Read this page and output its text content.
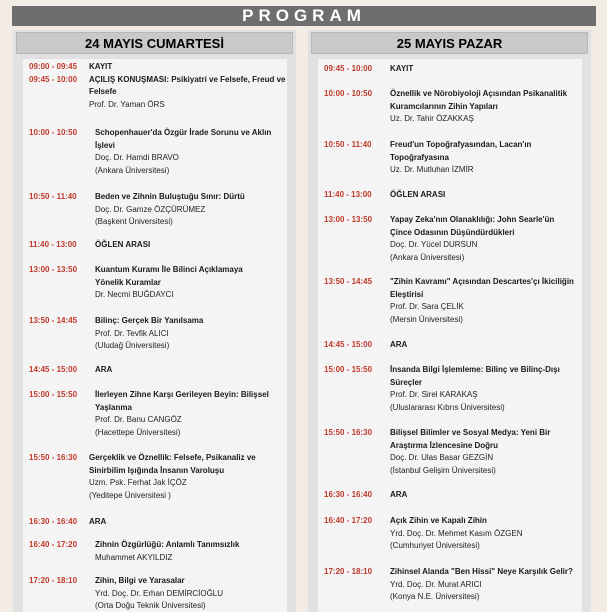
PROGRAM
24 MAYIS CUMARTESİ
09:00 - 09:45 KAYIT
09:45 - 10:00 AÇILIŞ KONUŞMASI: Psikiyatri ve Felsefe, Freud ve Felsefe
Prof. Dr. Yaman ÖRS
10:00 - 10:50 Schopenhauer'da Özgür İrade Sorunu ve Aklın İşlevi
Doç. Dr. Hamdi BRAVO
(Ankara Üniversitesi)
10:50 - 11:40 Beden ve Zihnin Buluştuğu Sınır: Dürtü
Doç. Dr. Gamze ÖZÇÜRÜMEZ
(Başkent Üniversitesi)
11:40 - 13:00 ÖĞLEN ARASI
13:00 - 13:50 Kuantum Kuramı İle Bilinci Açıklamaya Yönelik Kuramlar
Dr. Necmi BUĞDAYCI
13:50 - 14:45 Bilinç: Gerçek Bir Yanılsama
Prof. Dr. Tevfik ALICI
(Uludağ Üniversitesi)
14:45 - 15:00 ARA
15:00 - 15:50 İlerleyen Zihne Karşı Gerileyen Beyin: Bilişsel Yaşlanma
Prof. Dr. Banu CANGÖZ
(Hacettepe Üniversitesi)
15:50 - 16:30 Gerçeklik ve Öznellik: Felsefe, Psikanaliz ve Sinirbilim Işığında İnsanın Varoluşu
Uzm. Psk. Ferhat Jak İÇÖZ
(Yeditepe Üniversitesi )
16:30 - 16:40 ARA
16:40 - 17:20 Zihnin Özgürlüğü: Anlamlı Tanımsızlık
Muhammet AKYILDIZ
17:20 - 18:10 Zihin, Bilgi ve Yarasalar
Yrd. Doç. Dr. Erhan DEMİRCİOĞLU
(Orta Doğu Teknik Üniversitesi)
25 MAYIS PAZAR
09:45 - 10:00 KAYIT
10:00 - 10:50 Öznellik ve Nörobiyoloji Açısından Psikanalitik Kuramcılarının Zihin Yapıları
Uz. Dr. Tahir ÖZAKKAŞ
10:50 - 11:40 Freud'un Topoğrafyasından, Lacan'ın Topoğrafyasına
Uz. Dr. Mutluhan İZMİR
11:40 - 13:00 ÖĞLEN ARASI
13:00 - 13:50 Yapay Zeka'nın Olanaklılığı: John Searle'ün Çince Odasının Düşündürdükleri
Doç. Dr. Yücel DURSUN
(Ankara Üniversitesi)
13:50 - 14:45 "Zihin Kavramı" Açısından Descartes'çı İkiciliğin Eleştirisi
Prof. Dr. Sara ÇELİK
(Mersin Üniversitesi)
14:45 - 15:00 ARA
15:00 - 15:50 İnsanda Bilgi İşlemleme: Bilinç ve Bilinç-Dışı Süreçler
Prof. Dr. Sirel KARAKAŞ
(Uluslararası Kıbrıs Üniversitesi)
15:50 - 16:30 Bilişsel Bilimler ve Sosyal Medya: Yeni Bir Araştırma İzlencesine Doğru
Doç. Dr. Ulas Basar GEZGİN
(İstanbul Gelişim Üniversitesi)
16:30 - 16:40 ARA
16:40 - 17:20 Açık Zihin ve Kapalı Zihin
Yrd. Doç. Dr. Mehmet Kasım ÖZGEN
(Cumhuriyet Üniversitesi)
17:20 - 18:10 Zihinsel Alanda "Ben Hissi" Neye Karşılık Gelir?
Yrd. Doç. Dr. Murat ARICI
(Konya N.E. Üniversitesi)
